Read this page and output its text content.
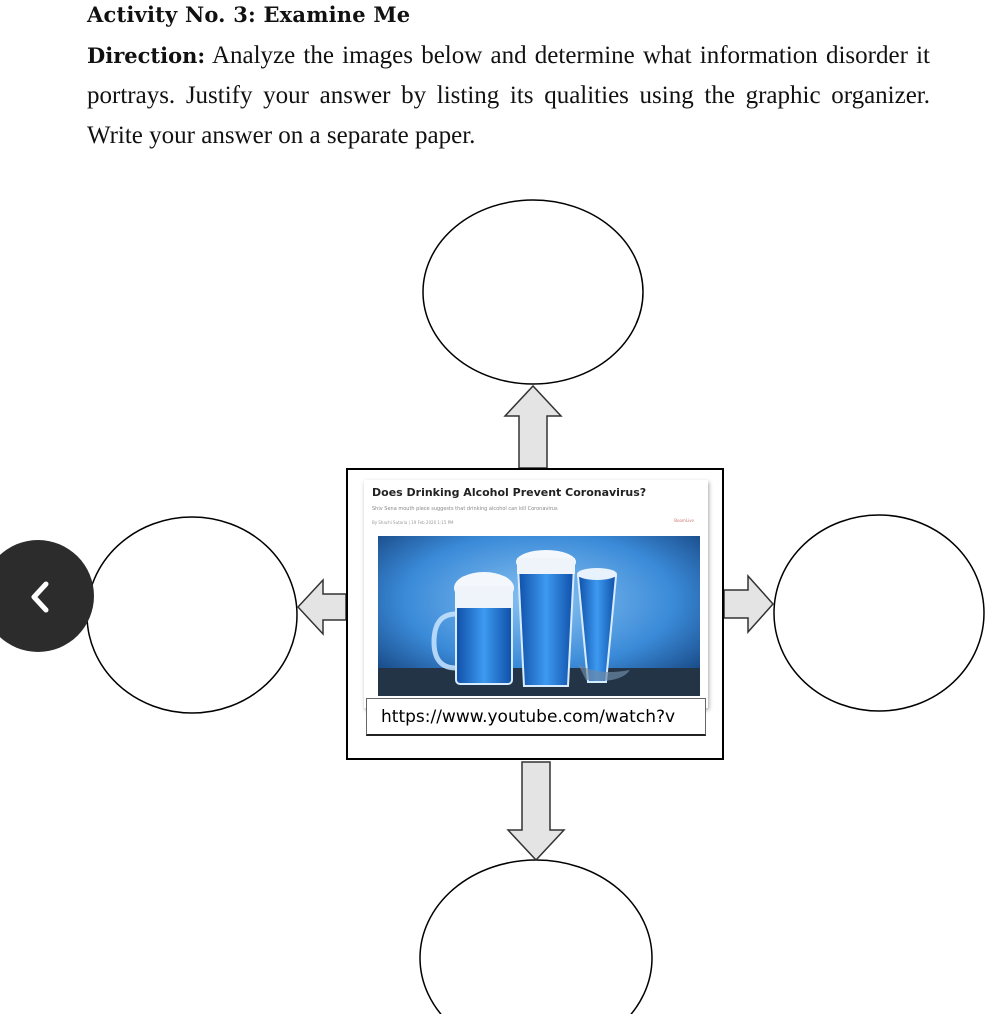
Activity No. 3: Examine Me

Direction: Analyze the images below and determine what information disorder it portrays. Justify your answer by listing its qualities using the graphic organizer. Write your answer on a separate paper.

Does Drinking Alcohol Prevent Coronavirus?
Shiv Sena mouth piece suggests that drinking alcohol can kill Coronavirus
By Shachi Sutaria | 19 Feb 2020 1:15 PM	BoomLive
https://www.youtube.com/watch?v
